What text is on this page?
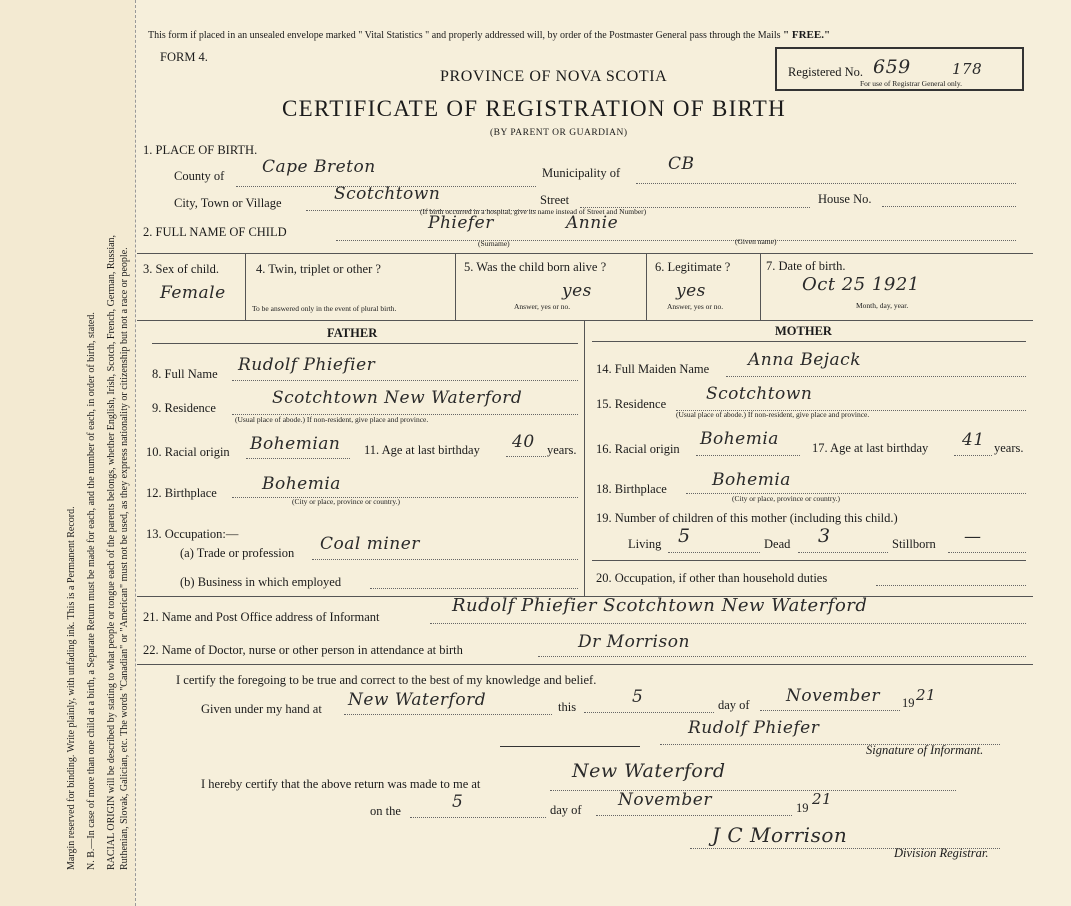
Margin reserved for binding. Write plainly, with unfading ink. This is a Permanent Record. N. B.—In case of more than one child at a birth, a Separate Return must be made for each, and the number of each, in order of birth, stated. RACIAL ORIGIN will be described by stating to what people or tongue each of the parents belongs, whether English, Irish, Scotch, French, German, Russian, Ruthenian, Slovak, Galician, etc. The words "Canadian" or "American" must not be used, as they express nationality or citizenship but not a race or people.
This form if placed in an unsealed envelope marked " Vital Statistics " and properly addressed will, by order of the Postmaster General pass through the Mails " FREE."
FORM 4.
PROVINCE OF NOVA SCOTIA
CERTIFICATE OF REGISTRATION OF BIRTH
(BY PARENT OR GUARDIAN)
Registered No. 659	178
For use of Registrar General only.
1. PLACE OF BIRTH.
County of Cape Breton	Municipality of	CB
City, Town or Village	Scotchtown	Street	House No.
(If birth occurred in a hospital, give its name instead of Street and Number)
2. FULL NAME OF CHILD	Phiefer	Annie
(Surname)	(Given name)
3. Sex of child.
Female
4. Twin, triplet or other ?
To be answered only in the event of plural birth.
5. Was the child born alive ?
yes
Answer, yes or no.
6. Legitimate ?
yes
Answer, yes or no.
7. Date of birth.
Oct 25 1921
Month, day, year.
FATHER	MOTHER
8. Full Name Rudolf Phiefier
9. Residence	Scotchtown New Waterford
(Usual place of abode.) If non-resident, give place and province.
10. Racial origin Bohemian 11. Age at last birthday 40 years.
12. Birthplace	Bohemia
(City or place, province or country.)
13. Occupation:—
(a) Trade or profession Coal miner
(b) Business in which employed
14. Full Maiden Name Anna Bejack
15. Residence Scotchtown
(Usual place of abode.) If non-resident, give place and province.
16. Racial origin Bohemia	17. Age at last birthday 41 years.
18. Birthplace	Bohemia
(City or place, province or country.)
19. Number of children of this mother (including this child.)
Living 5	Dead 3	Stillborn —
20. Occupation, if other than household duties
21. Name and Post Office address of Informant
Rudolf Phiefier Scotchtown New Waterford
22. Name of Doctor, nurse or other person in attendance at birth	Dr Morrison
I certify the foregoing to be true and correct to the best of my knowledge and belief.
Given under my hand at New Waterford	this	5	day of November 19 21
Rudolf Phiefer
Signature of Informant.
I hereby certify that the above return was made to me at
New Waterford
on the	5	day of November	19 21
J C Morrison
Division Registrar.
